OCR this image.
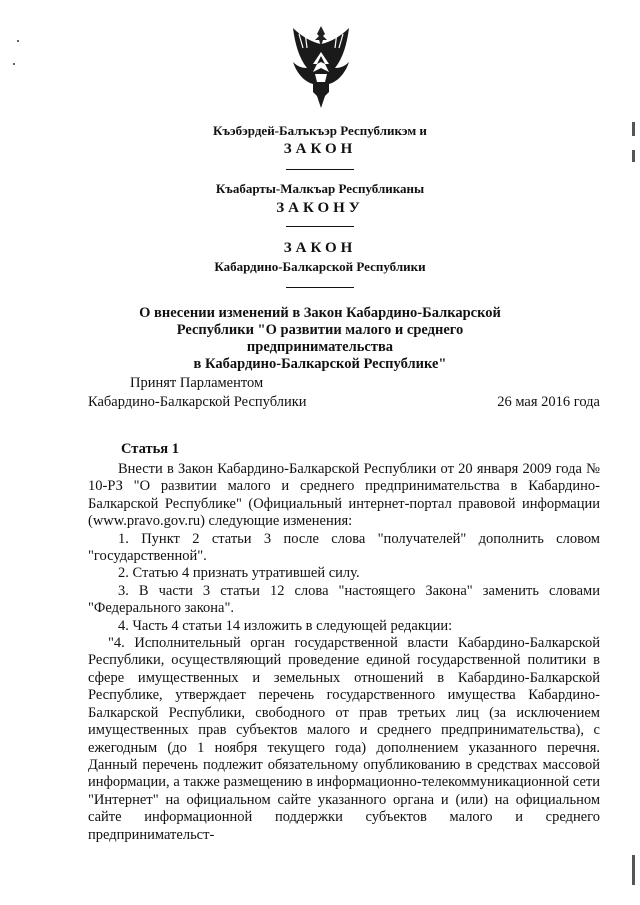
Къэбэрдей-Балъкъэр Республикэм и
ЗАКОН
Къабарты-Малкъар Республиканы
ЗАКОНУ
ЗАКОН
Кабардино-Балкарской Республики
О внесении изменений в Закон Кабардино-Балкарской
Республики "О развитии малого и среднего предпринимательства
в Кабардино-Балкарской Республике"
Принят Парламентом
Кабардино-Балкарской Республики	26 мая 2016 года
Статья 1

Внести в Закон Кабардино-Балкарской Республики от 20 января 2009 года № 10-РЗ "О развитии малого и среднего предпринимательства в Кабардино-Балкарской Республике" (Официальный интернет-портал правовой информации (www.pravo.gov.ru) следующие изменения:

1. Пункт 2 статьи 3 после слова "получателей" дополнить словом "государственной".

2. Статью 4 признать утратившей силу.

3. В части 3 статьи 12 слова "настоящего Закона" заменить словами "Федерального закона".

4. Часть 4 статьи 14 изложить в следующей редакции:

"4. Исполнительный орган государственной власти Кабардино-Балкарской Республики, осуществляющий проведение единой государственной политики в сфере имущественных и земельных отношений в Кабардино-Балкарской Республике, утверждает перечень государственного имущества Кабардино-Балкарской Республики, свободного от прав третьих лиц (за исключением имущественных прав субъектов малого и среднего предпринимательства), с ежегодным (до 1 ноября текущего года) дополнением указанного перечня. Данный перечень подлежит обязательному опубликованию в средствах массовой информации, а также размещению в информационно-телекоммуникационной сети "Интернет" на официальном сайте указанного органа и (или) на официальном сайте информационной поддержки субъектов малого и среднего предпринимательст-
